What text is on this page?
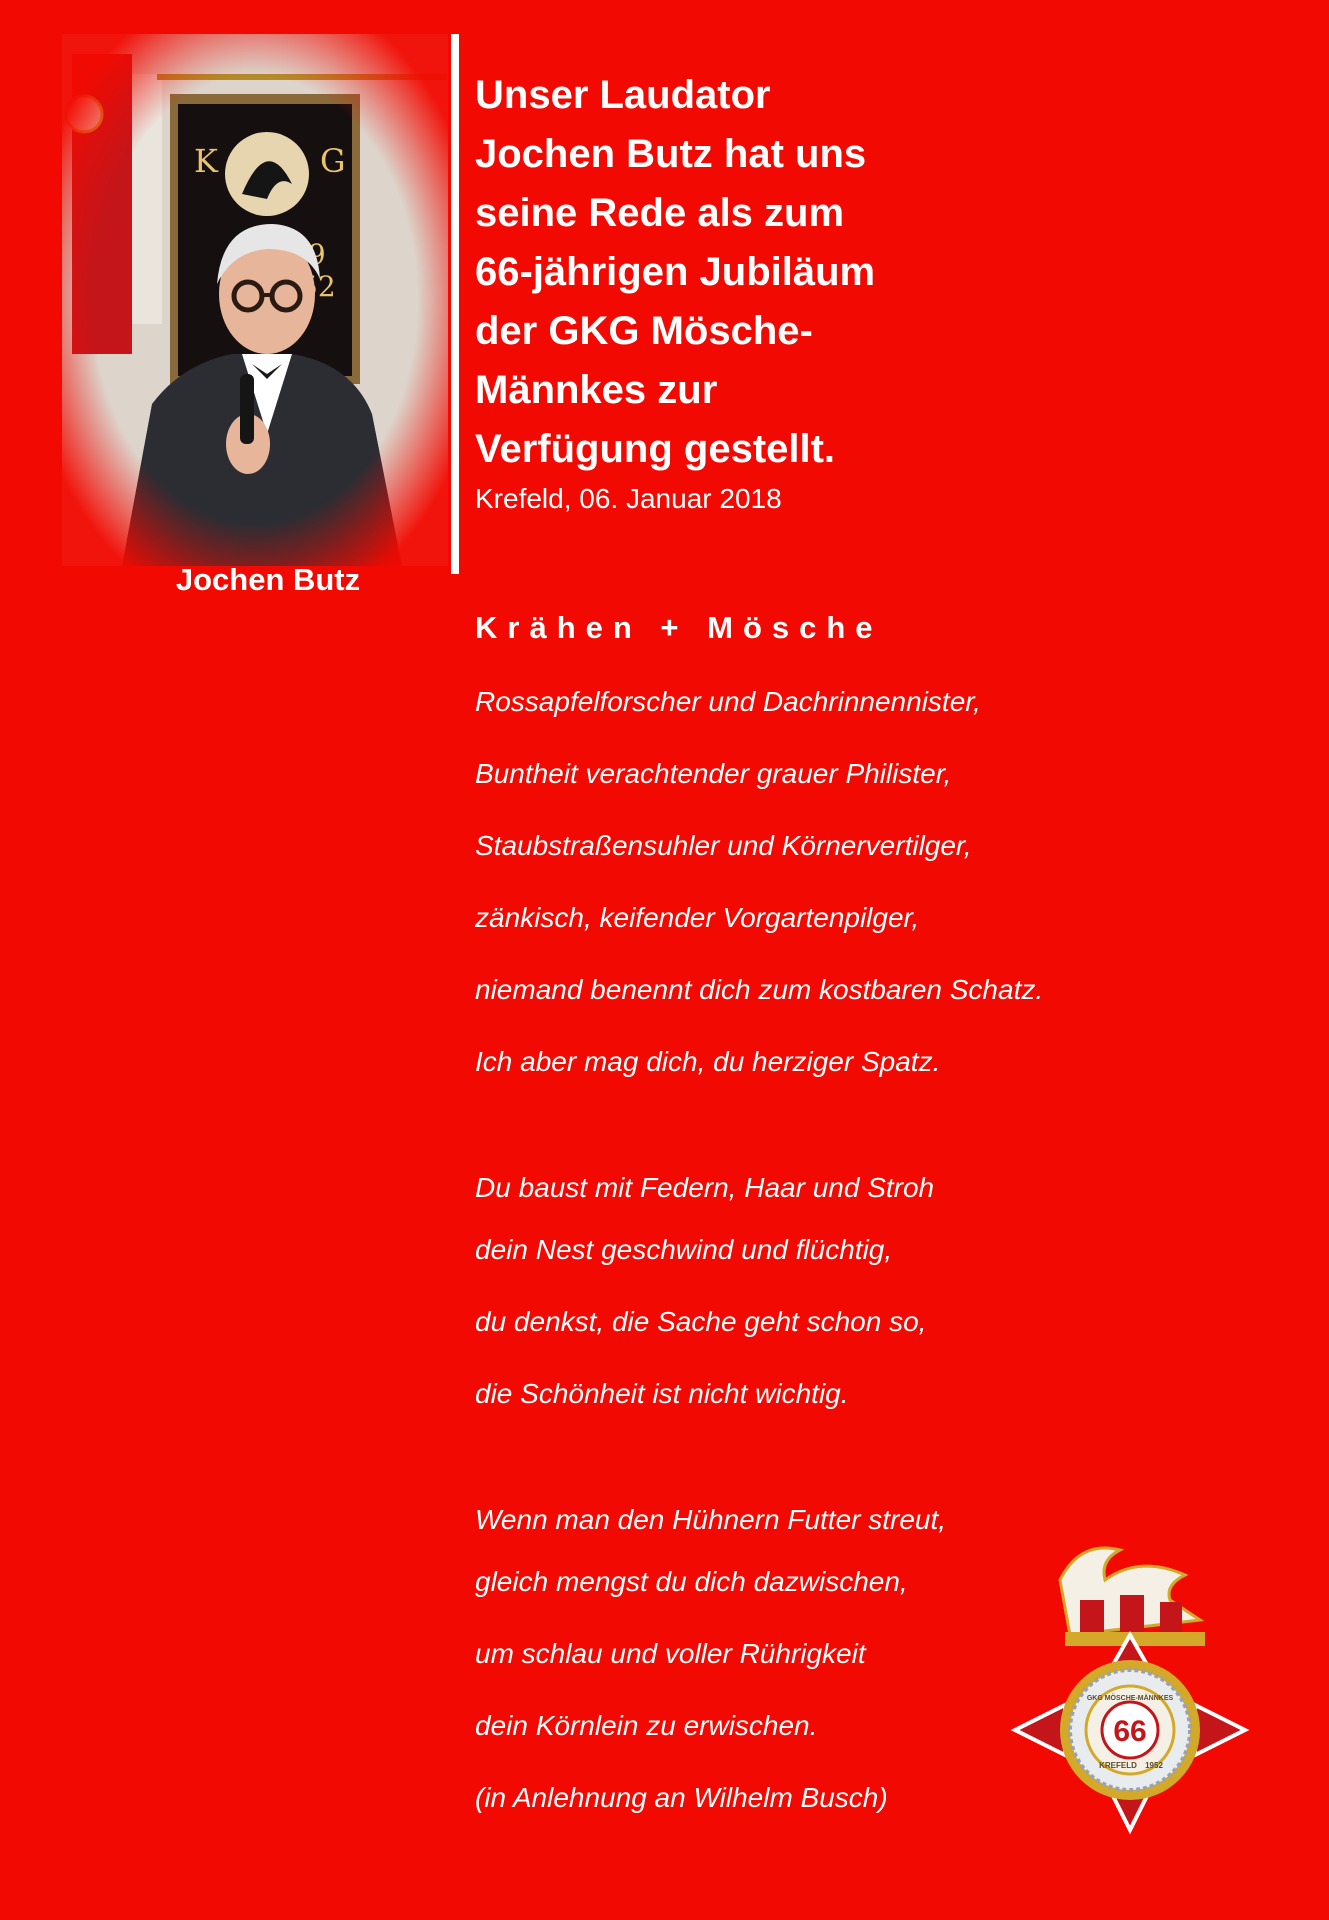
Jochen Butz
Unser Laudator
Jochen Butz hat uns
seine Rede als zum
66-jährigen Jubiläum
der GKG Mösche-
Männkes zur
Verfügung gestellt.
Krefeld, 06. Januar 2018
Krähen + Mösche
Rossapfelforscher und Dachrinnennister,
Buntheit verachtender grauer Philister,
Staubstraßensuhler und Körnervertilger,
zänkisch, keifender Vorgartenpilger,
niemand benennt dich zum kostbaren Schatz.
Ich aber mag dich, du herziger Spatz.
Du baust mit Federn, Haar und Stroh
dein Nest geschwind und flüchtig,
du denkst, die Sache geht schon so,
die Schönheit ist nicht wichtig.
Wenn man den Hühnern Futter streut,
gleich mengst du dich dazwischen,
um schlau und voller Rührigkeit
dein Körnlein zu erwischen.
(in Anlehnung an Wilhelm Busch)
66
GKG MÖSCHE-MÄNNKES
KREFELD 1952
